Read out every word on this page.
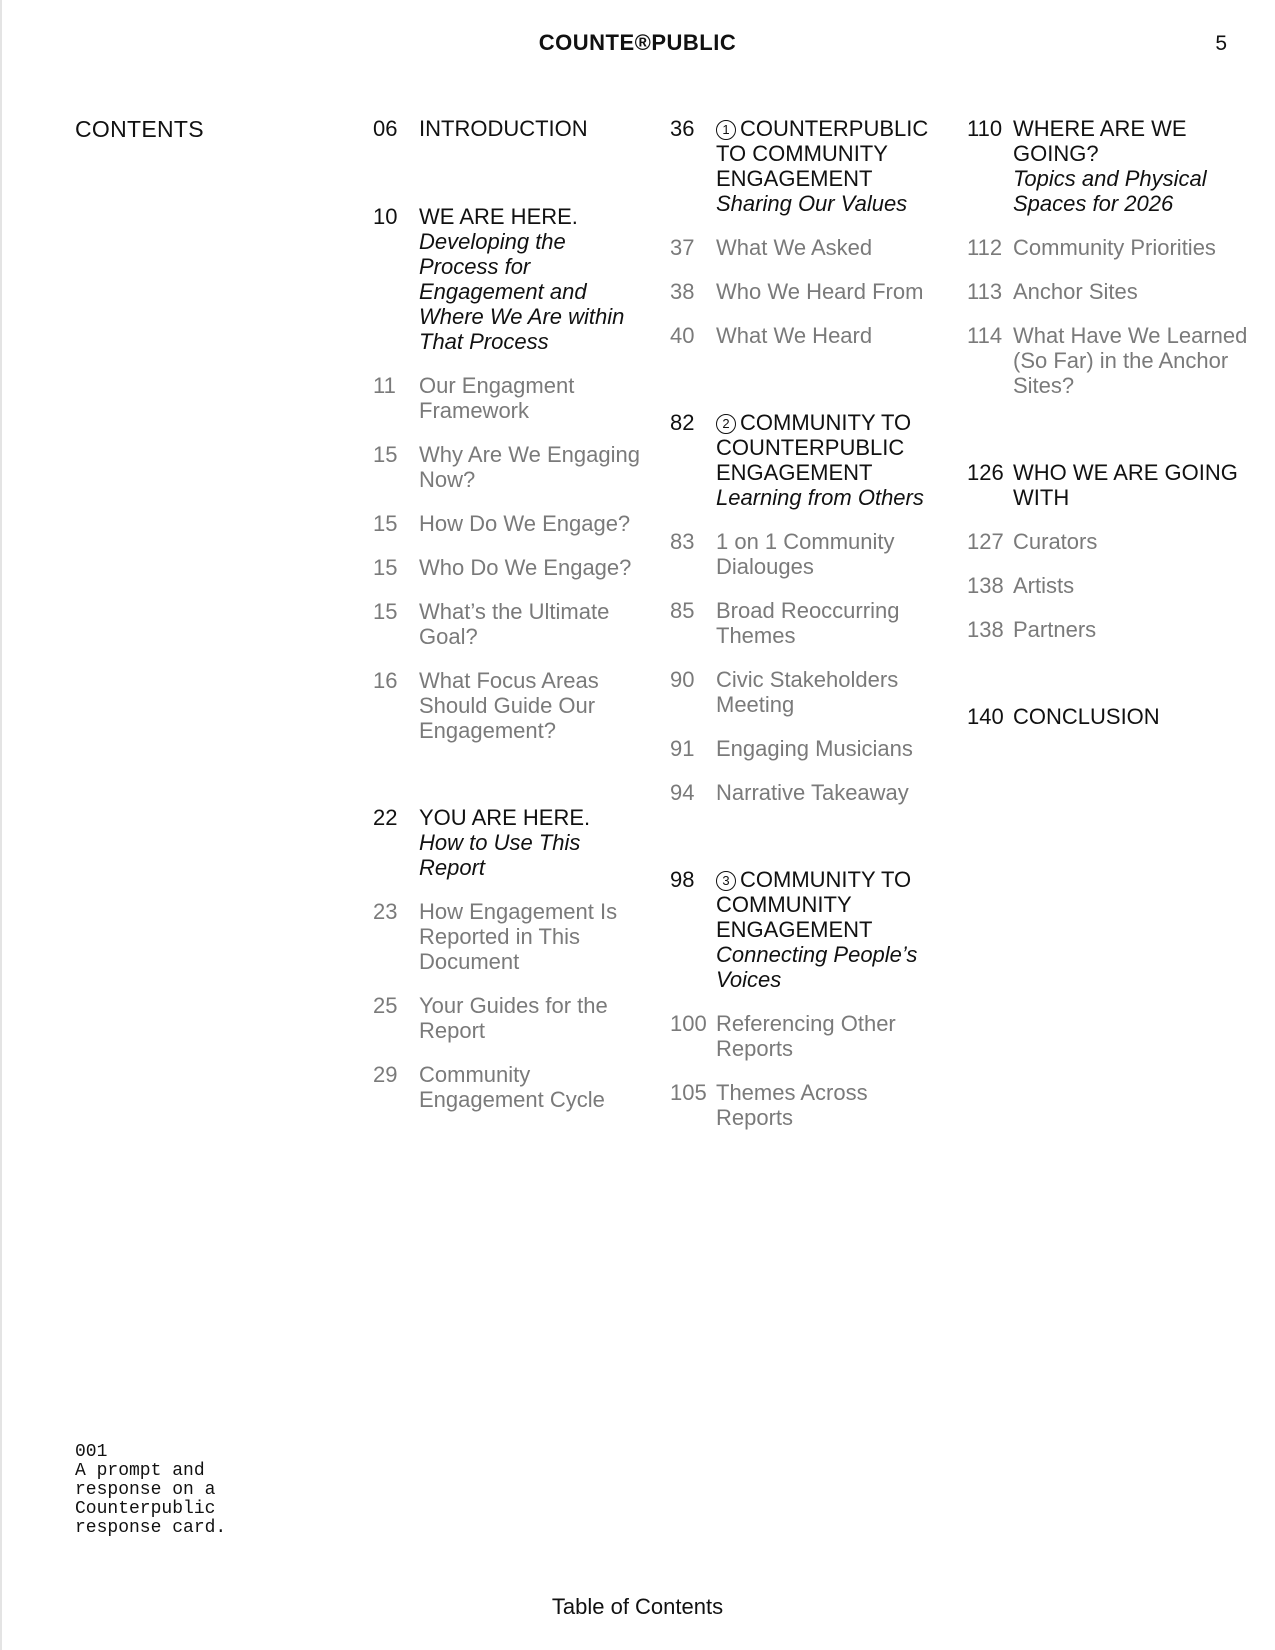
COUNTE®PUBLIC	5
CONTENTS	06 INTRODUCTION
10 WE ARE HERE.
Developing the Process for Engagement and Where We Are within That Process
11	Our Engagment Framework
15 Why Are We Engaging Now?
15 How Do We Engage?
15 Who Do We Engage?
15 What’s the Ultimate Goal?
16 What Focus Areas Should Guide Our Engagement?
22 YOU ARE HERE.
How to Use This Report
23 How Engagement Is Reported in This Document
25 Your Guides for the Report
29 Community Engagement Cycle
36	1 COUNTERPUBLIC TO COMMUNITY ENGAGEMENT
Sharing Our Values
37 What We Asked
38 Who We Heard From
40 What We Heard
82	2 COMMUNITY TO COUNTERPUBLIC ENGAGEMENT
Learning from Others
83 1 on 1 Community Dialouges
85 Broad Reoccurring Themes
90 Civic Stakeholders Meeting
91 Engaging Musicians
94 Narrative Takeaway
98	3 COMMUNITY TO COMMUNITY ENGAGEMENT
Connecting People’s Voices
100 Referencing Other Reports
105 Themes Across Reports
110 WHERE ARE WE GOING?
Topics and Physical Spaces for 2026
112 Community Priorities
113 Anchor Sites
114 What Have We Learned (So Far) in the Anchor Sites?
126 WHO WE ARE GOING WITH
127 Curators
138 Artists
138 Partners
140 CONCLUSION
001
A prompt and response on a Counterpublic response card.
Table of Contents
